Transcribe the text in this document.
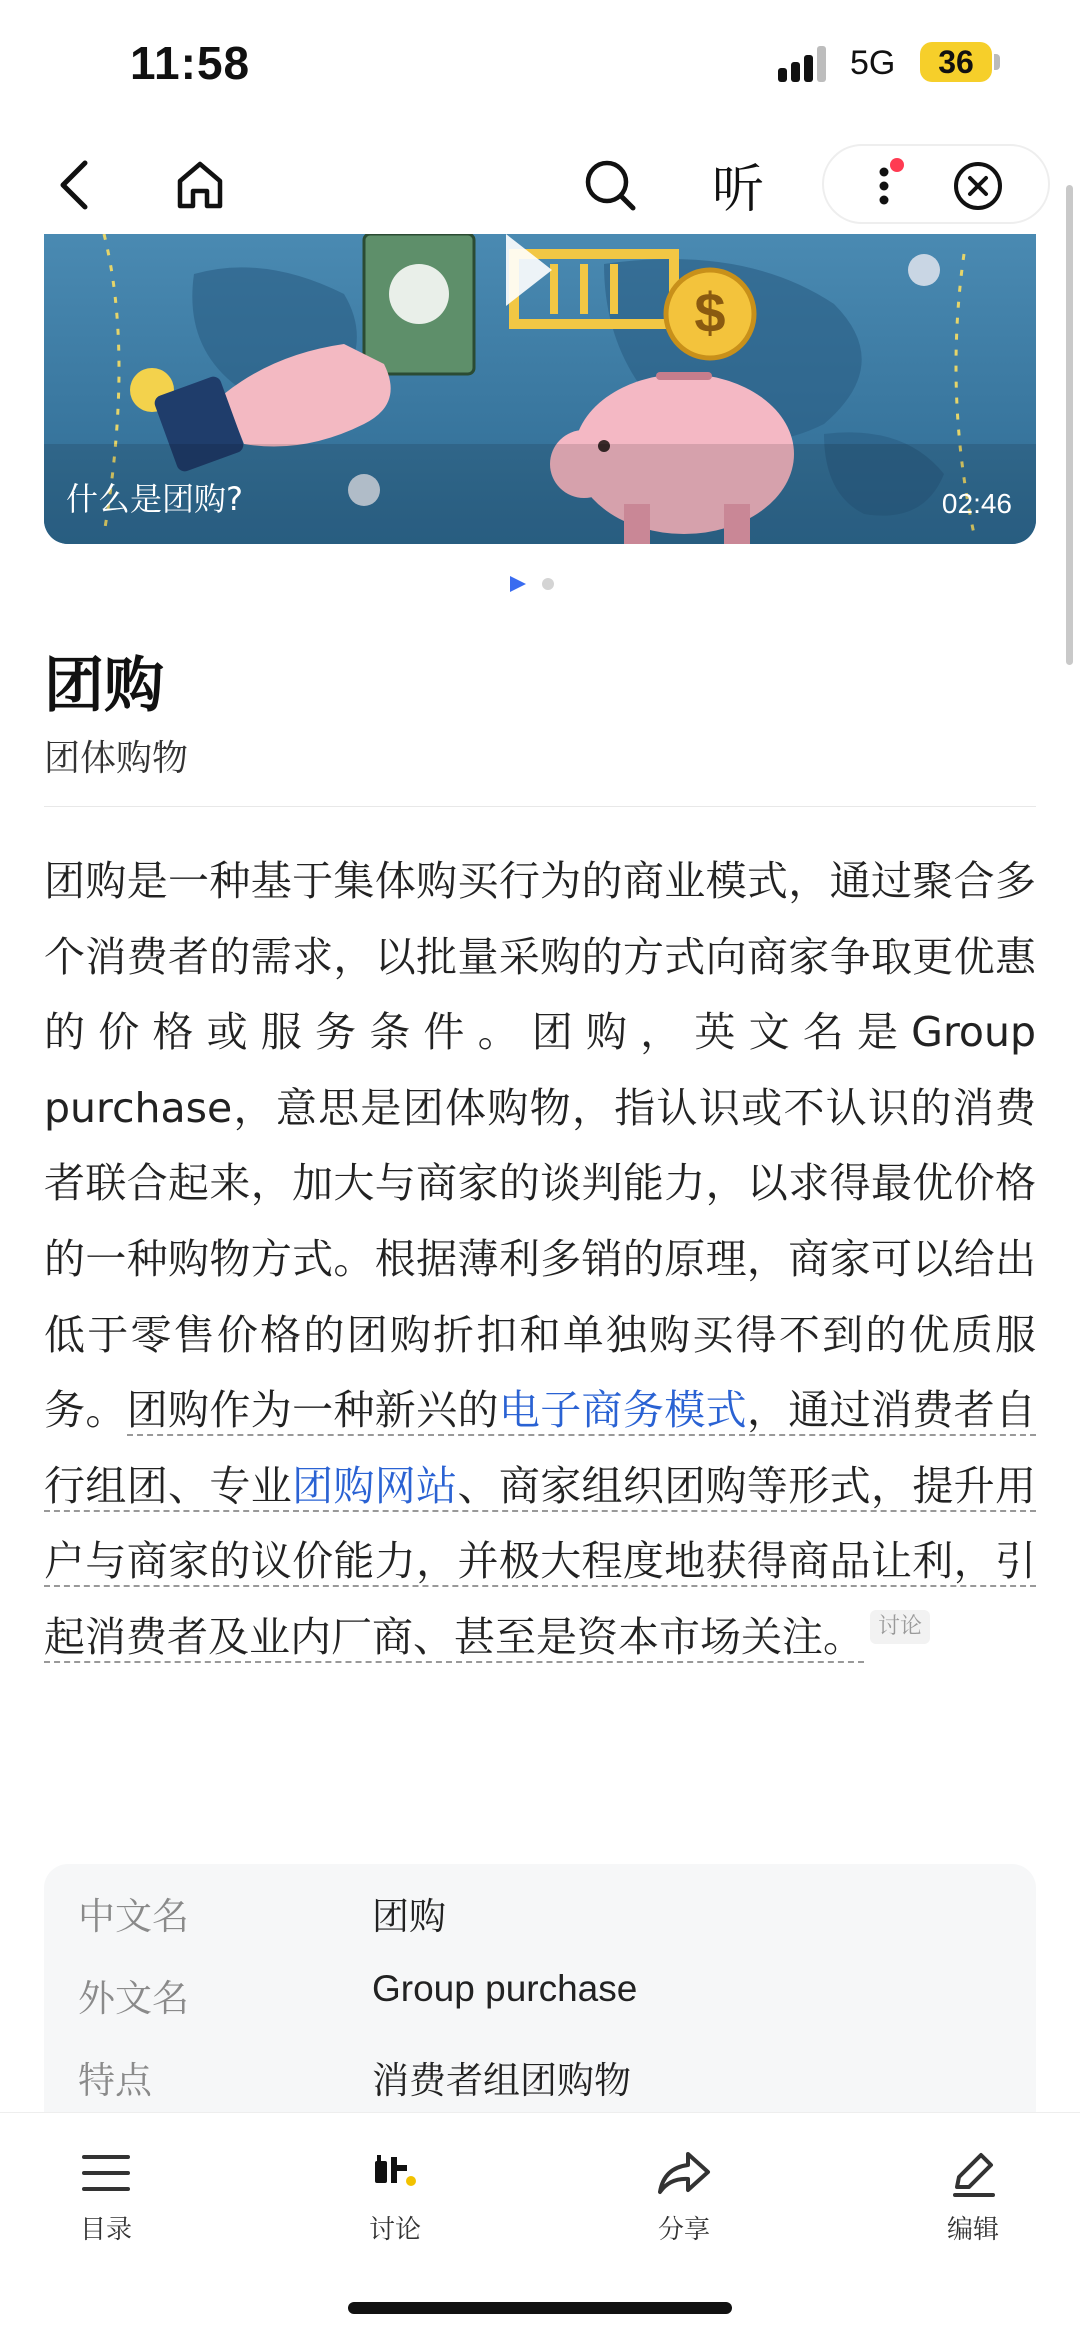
11:58	5G	36
听
$
什么是团购?	02:46
团购
团体购物
团购是一种基于集体购买行为的商业模式，通过聚合多个消费者的需求，以批量采购的方式向商家争取更优惠的价格或服务条件。团购，英文名是Group purchase，意思是团体购物，指认识或不认识的消费者联合起来，加大与商家的谈判能力，以求得最优价格的一种购物方式。根据薄利多销的原理，商家可以给出低于零售价格的团购折扣和单独购买得不到的优质服务。团购作为一种新兴的电子商务模式，通过消费者自行组团、专业团购网站、商家组织团购等形式，提升用户与商家的议价能力，并极大程度地获得商品让利，引起消费者及业内厂商、甚至是资本市场关注。 讨论
中文名	团购
外文名	Group purchase
特点	消费者组团购物
目录	讨论	分享	编辑
